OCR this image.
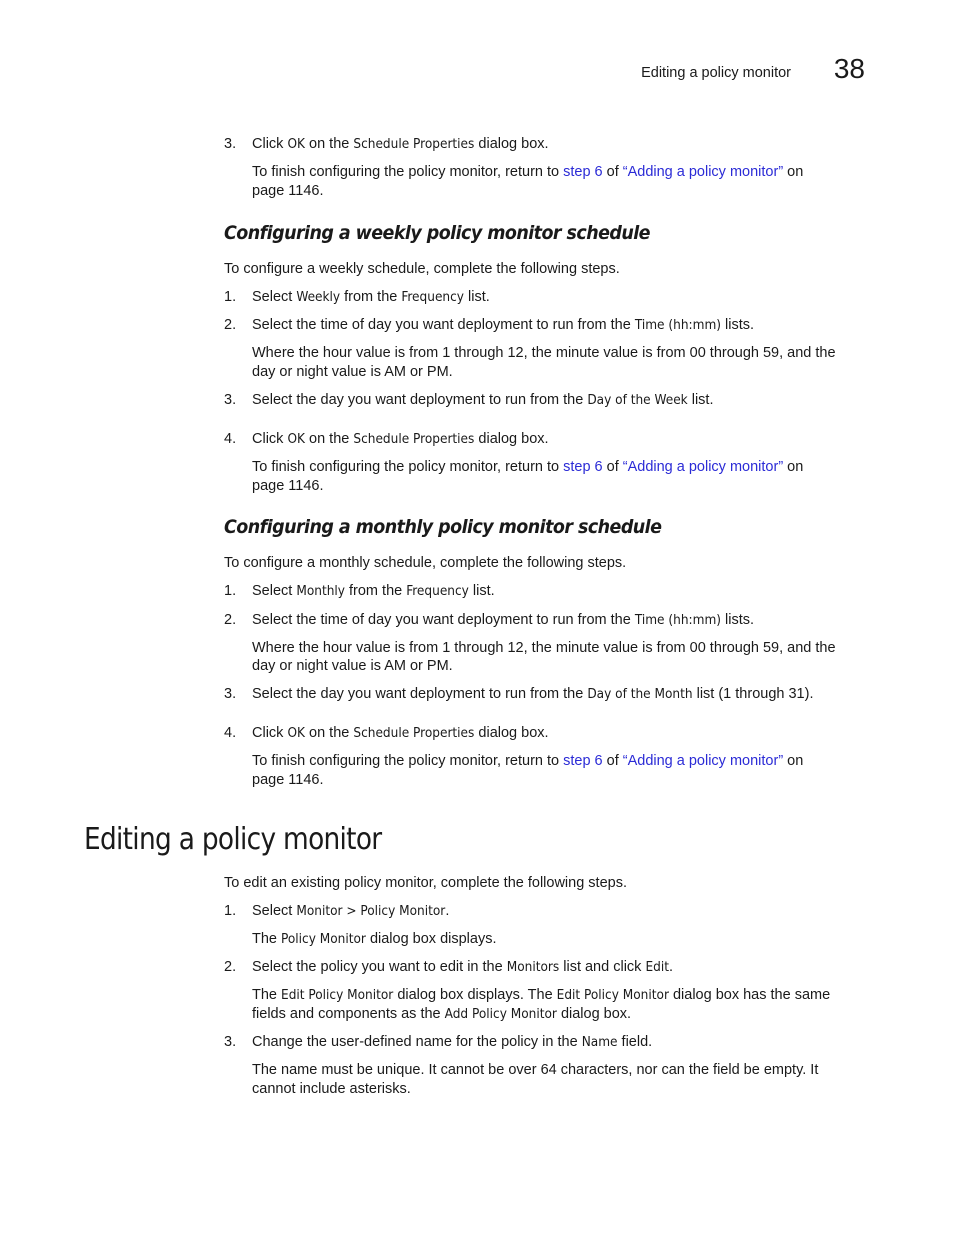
Editing a policy monitor 38
3. Click OK on the Schedule Properties dialog box.
To finish configuring the policy monitor, return to step 6 of “Adding a policy monitor” on
page 1146.
Configuring a weekly policy monitor schedule
To configure a weekly schedule, complete the following steps.
1. Select Weekly from the Frequency list.
2. Select the time of day you want deployment to run from the Time (hh:mm) lists.
Where the hour value is from 1 through 12, the minute value is from 00 through 59, and the
day or night value is AM or PM.
3. Select the day you want deployment to run from the Day of the Week list.
4. Click OK on the Schedule Properties dialog box.
To finish configuring the policy monitor, return to step 6 of “Adding a policy monitor” on
page 1146.
Configuring a monthly policy monitor schedule
To configure a monthly schedule, complete the following steps.
1. Select Monthly from the Frequency list.
2. Select the time of day you want deployment to run from the Time (hh:mm) lists.
Where the hour value is from 1 through 12, the minute value is from 00 through 59, and the
day or night value is AM or PM.
3. Select the day you want deployment to run from the Day of the Month list (1 through 31).
4. Click OK on the Schedule Properties dialog box.
To finish configuring the policy monitor, return to step 6 of “Adding a policy monitor” on
page 1146.
Editing a policy monitor
To edit an existing policy monitor, complete the following steps.
1. Select Monitor > Policy Monitor.
The Policy Monitor dialog box displays.
2. Select the policy you want to edit in the Monitors list and click Edit.
The Edit Policy Monitor dialog box displays. The Edit Policy Monitor dialog box has the same
fields and components as the Add Policy Monitor dialog box.
3. Change the user-defined name for the policy in the Name field.
The name must be unique. It cannot be over 64 characters, nor can the field be empty. It
cannot include asterisks.
